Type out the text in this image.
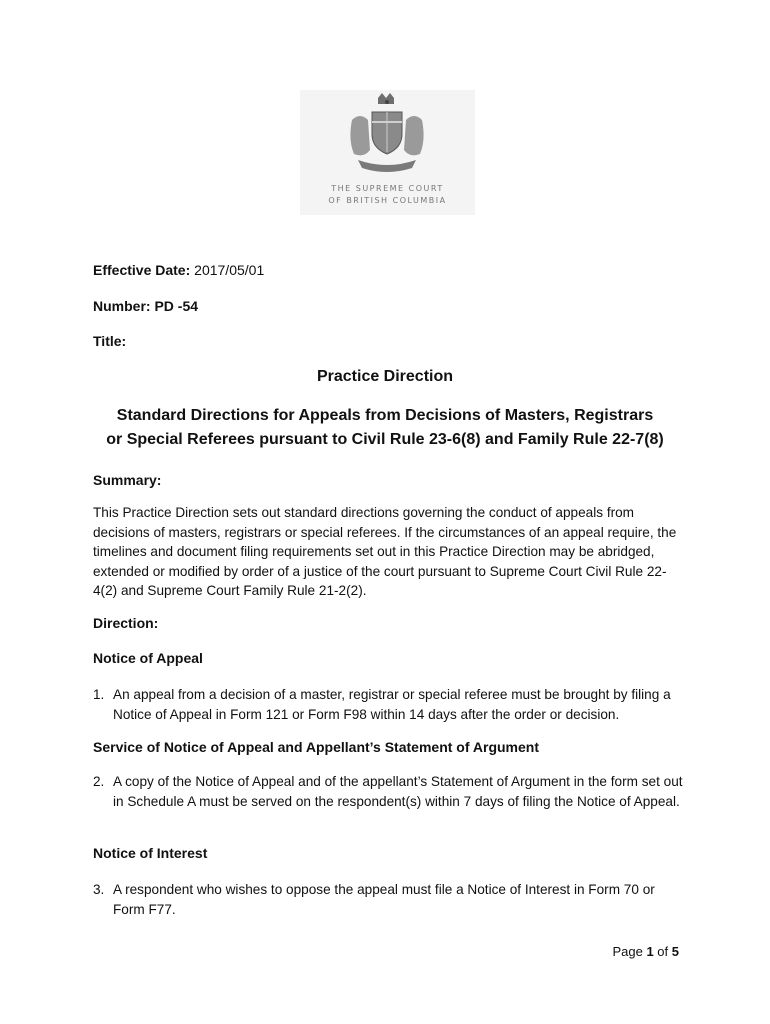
THE SUPREME COURT
OF BRITISH COLUMBIA
Effective Date: 2017/05/01
Number: PD -54
Title:
Practice Direction
Standard Directions for Appeals from Decisions of Masters, Registrars
or Special Referees pursuant to Civil Rule 23-6(8) and Family Rule 22-7(8)
Summary:
This Practice Direction sets out standard directions governing the conduct of appeals from decisions of masters, registrars or special referees. If the circumstances of an appeal require, the timelines and document filing requirements set out in this Practice Direction may be abridged, extended or modified by order of a justice of the court pursuant to Supreme Court Civil Rule 22-4(2) and Supreme Court Family Rule 21-2(2).
Direction:
Notice of Appeal
1. An appeal from a decision of a master, registrar or special referee must be brought by filing a Notice of Appeal in Form 121 or Form F98 within 14 days after the order or decision.
Service of Notice of Appeal and Appellant’s Statement of Argument
2. A copy of the Notice of Appeal and of the appellant’s Statement of Argument in the form set out in Schedule A must be served on the respondent(s) within 7 days of filing the Notice of Appeal.
Notice of Interest
3. A respondent who wishes to oppose the appeal must file a Notice of Interest in Form 70 or Form F77.
Page 1 of 5
